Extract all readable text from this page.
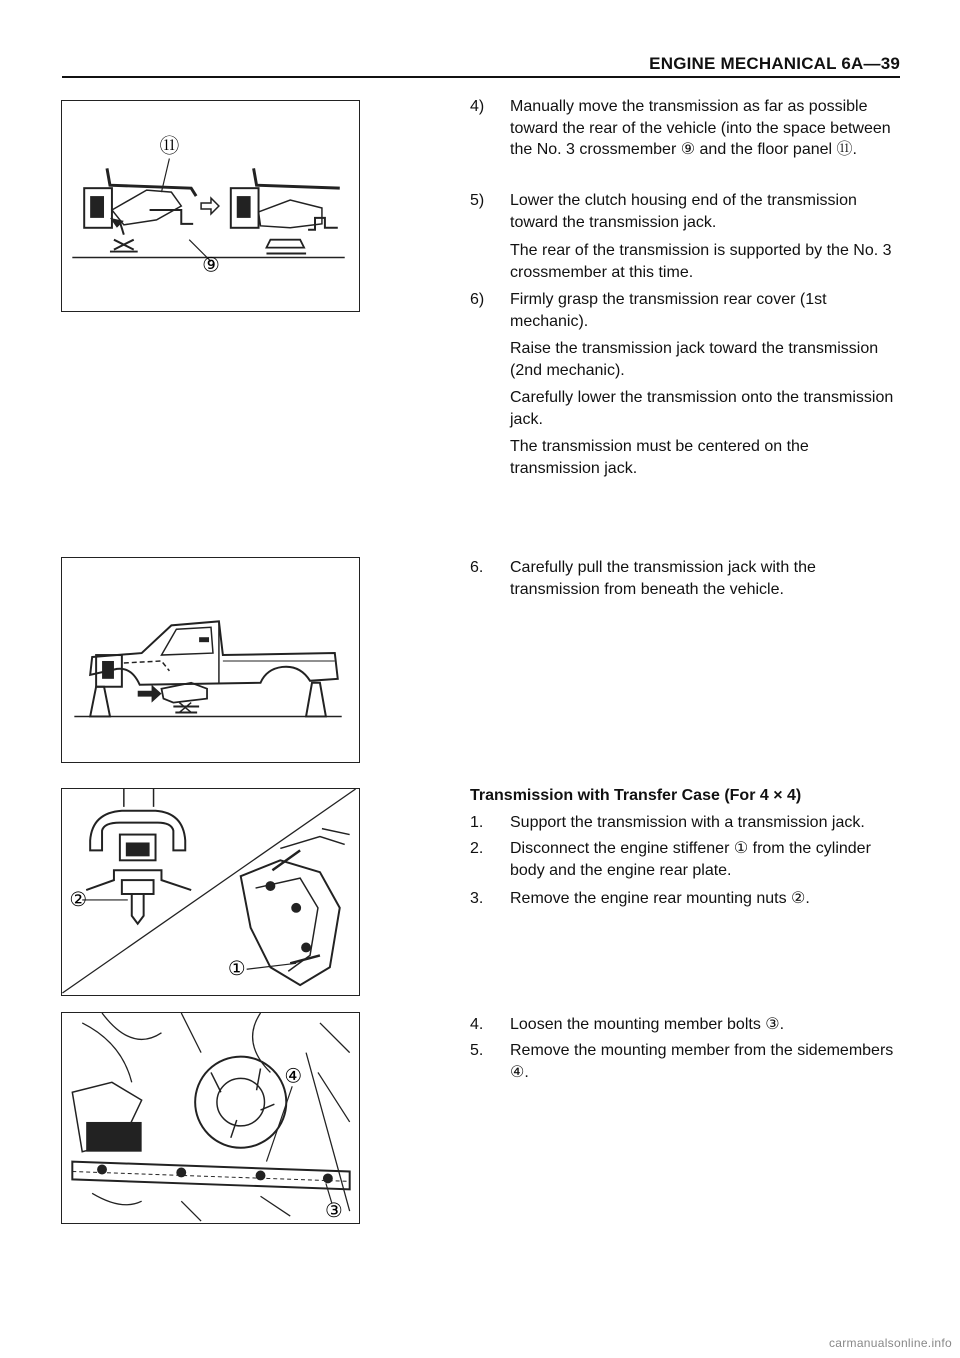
ENGINE MECHANICAL 6A—39
⑪
⑨
②
①
④
③
4) Manually move the transmission as far as possible toward the rear of the vehicle (into the space between the No. 3 crossmember ⑨ and the floor panel ⑪.
5) Lower the clutch housing end of the transmission toward the transmission jack.
The rear of the transmission is supported by the No. 3 crossmember at this time.
6) Firmly grasp the transmission rear cover (1st mechanic).
Raise the transmission jack toward the transmission (2nd mechanic).
Carefully lower the transmission onto the transmission jack.
The transmission must be centered on the transmission jack.
6. Carefully pull the transmission jack with the transmission from beneath the vehicle.
Transmission with Transfer Case (For 4 × 4)
1. Support the transmission with a transmission jack.
2. Disconnect the engine stiffener ① from the cylinder body and the engine rear plate.
3. Remove the engine rear mounting nuts ②.
4. Loosen the mounting member bolts ③.
5. Remove the mounting member from the sidemembers ④.
carmanualsonline.info
